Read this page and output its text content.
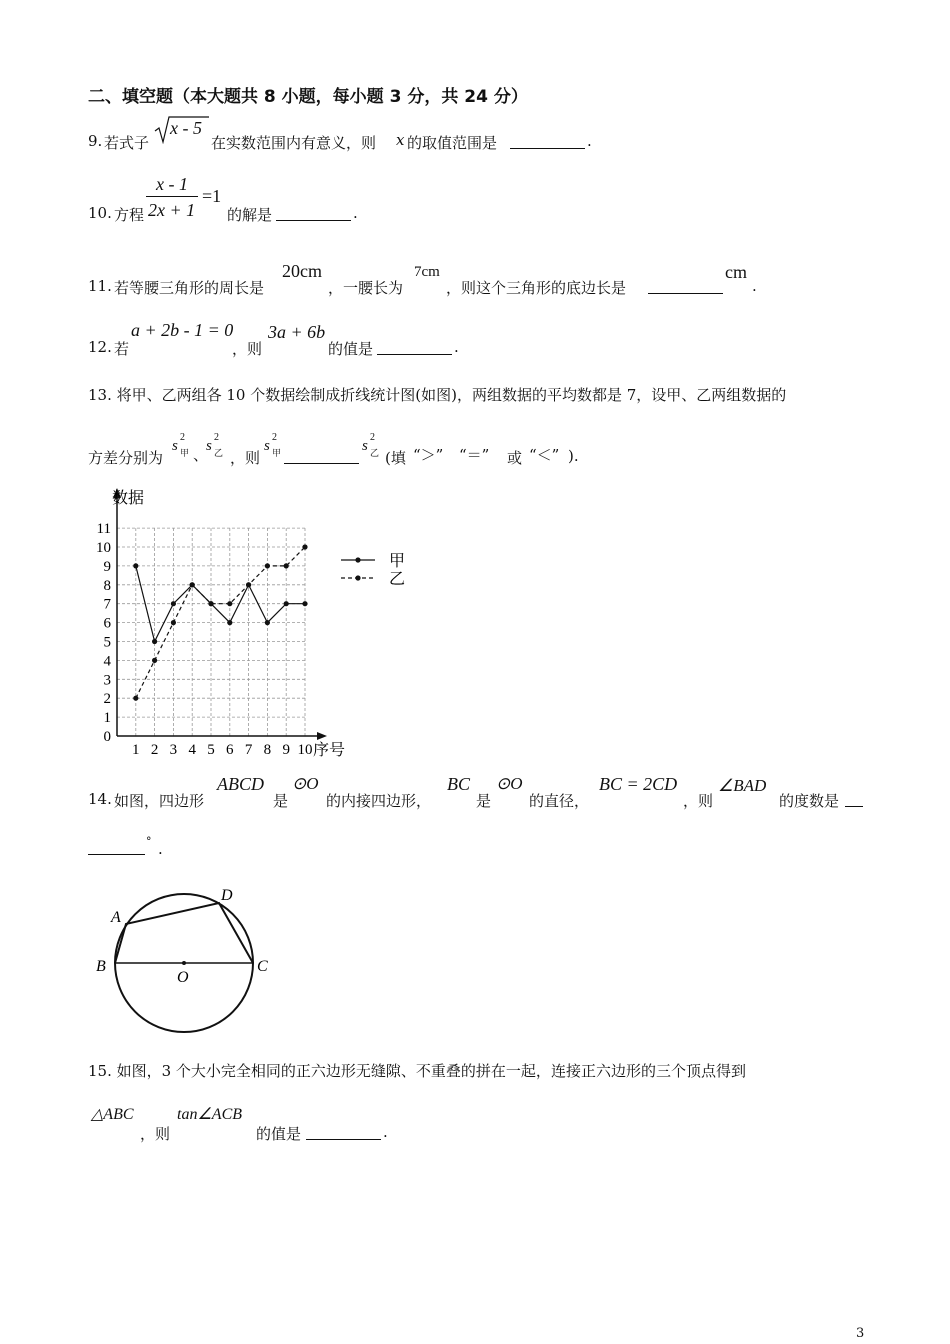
二、填空题（本大题共 8 小题，每小题 3 分，共 24 分）
9. 若式子
x - 5
在实数范围内有意义，则 x 的取值范围是	.
10. 方程
x - 1
2x + 1
=1
的解是	.
11. 若等腰三角形的周长是
20cm
，一腰长为
7cm
，则这个三角形的底边长是
cm
.
12. 若
a + 2b - 1 = 0
，则
3a + 6b
的值是	.
13. 将甲、乙两组各 10 个数据绘制成折线统计图(如图)，两组数据的平均数都是 7，设甲、乙两组数据的
方差分别为
s
2
甲 、
s
2
乙 ，则
s
2
甲	s
2
乙 (填 “＞” “＝” 或 “＜” ).
数据
序号
0
1
2
3
4
5
6
7
8
9
10
11
1 2 3 4 5 6 7 8 9 10
甲
乙
14. 如图，四边形
ABCD
是
⊙O
的内接四边形，
BC
是
⊙O
的直径，
BC = 2CD
，则
∠BAD
的度数是
° .
A
D
B
O
C
15. 如图，3 个大小完全相同的正六边形无缝隙、不重叠的拼在一起，连接正六边形的三个顶点得到
△ABC
，则
tan∠ACB
的值是	.
3
